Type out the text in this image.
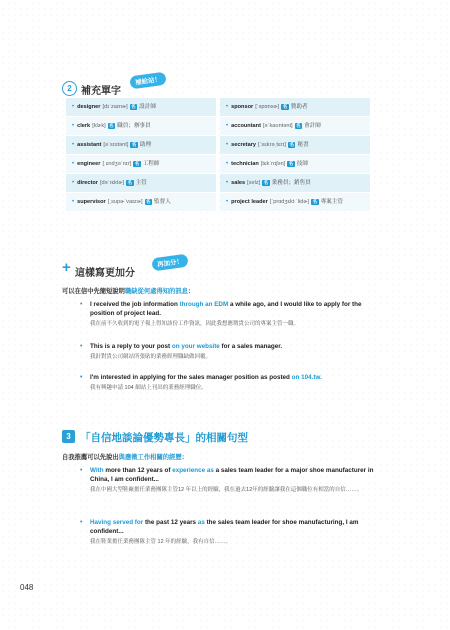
2 補充單字
補給站！
• designer [dɪˈzaɪnɚ] 名 設計師	• sponsor [ˈspɑnsɚ] 名 贊助者
• clerk [klɝk] 名 職員；辦事員	• accountant [əˈkaʊntənt] 名 會計師
• assistant [əˈsɪstənt] 名 助理	• secretary [ˈsɛkrəˌtɛrɪ] 名 秘書
• engineer [ˌɛndʒəˈnɪr] 名 工程師	• technician [tɛkˈnɪʃən] 名 技師
• director [dəˈrɛktɚ] 名 主管	• sales [selz] 名 業務員；銷售員
• supervisor [ˌsupɚˈvaɪzɚ] 名 監督人	• project leader [ˈprɑdʒɛkt ˈlidɚ] 名 專案主管
+ 這樣寫更加分
再加分！
可以在信中先簡短說明職缺從何處得知的訊息：
• I received the job information through an EDM a while ago, and I would like to apply for the position of project lead.
我在前不久收到的電子報上得知該份工作資訊，因此我想應徵貴公司的專案主管一職。
• This is a reply to your post on your website for a sales manager.
我針對貴公司網站所張貼的業務經理職缺做回覆。
• I'm interested in applying for the sales manager position as posted on 104.tw.
我有興趣申請 104 網站上刊出的業務經理職位。
3 「自信地談論優勢專長」的相關句型
自我推薦可以先說出與應徵工作相關的經歷：
• With more than 12 years of experience as a sales team leader for a major shoe manufacturer in China, I am confident...
我在中國大型鞋廠擔任業務團隊主管12 年以上的經驗，我在過去12年的經驗讓我在這個職位有相當的自信……。
• Having served for the past 12 years as the sales team leader for shoe manufacturing, I am confident...
我在鞋業擔任業務團隊主管 12 年的經驗，我有自信……。
048
